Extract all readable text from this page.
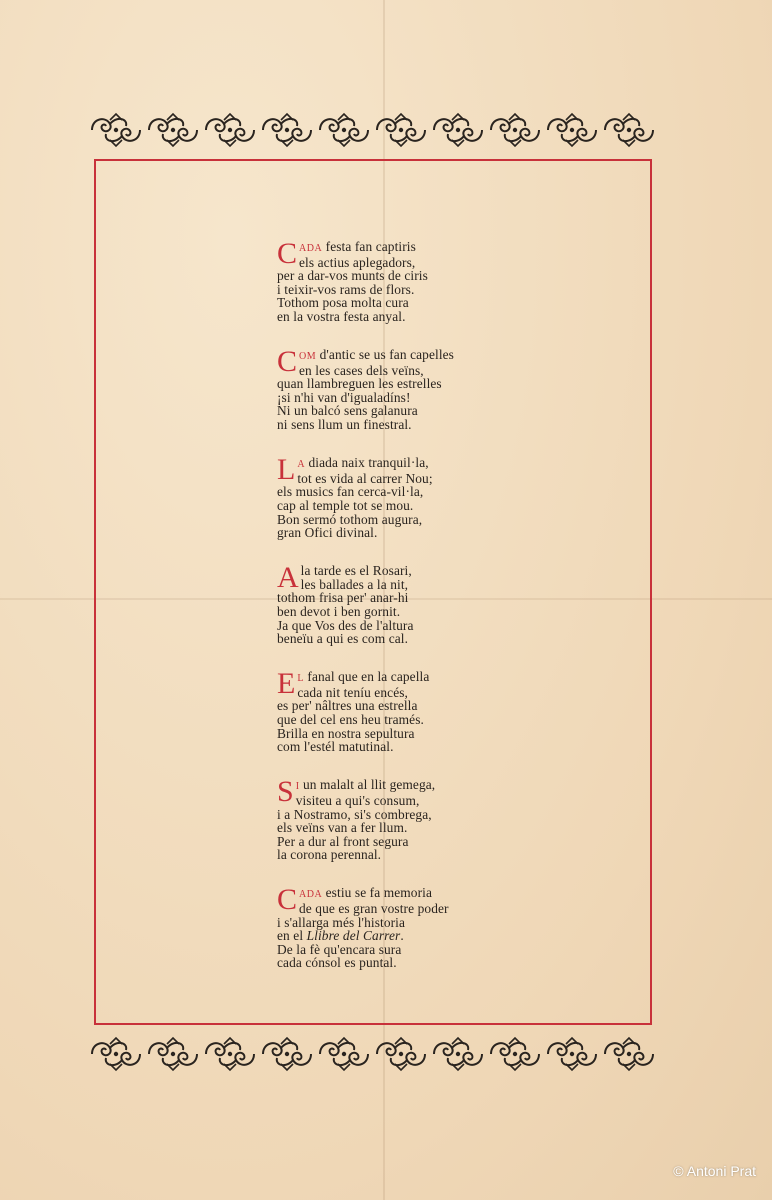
C ADA festa fan captiris
els actius aplegadors,
per a dar-vos munts de ciris
i teixir-vos rams de flors.
Tothom posa molta cura
en la vostra festa anyal.
C OM d'antic se us fan capelles
en les cases dels veïns,
quan llambreguen les estrelles
¡si n'hi van d'igualadíns!
Ni un balcó sens galanura
ni sens llum un finestral.
L A diada naix tranquil·la,
tot es vida al carrer Nou;
els musics fan cerca-vil·la,
cap al temple tot se mou.
Bon sermó tothom augura,
gran Ofici divinal.
A la tarde es el Rosari,
les ballades a la nit,
tothom frisa per' anar-hi
ben devot i ben gornit.
Ja que Vos des de l'altura
beneïu a qui es com cal.
E L fanal que en la capella
cada nit teníu encés,
es per' nâltres una estrella
que del cel ens heu tramés.
Brilla en nostra sepultura
com l'estél matutinal.
S I un malalt al llit gemega,
visiteu a qui's consum,
i a Nostramo, si's combrega,
els veïns van a fer llum.
Per a dur al front segura
la corona perennal.
C ADA estiu se fa memoria
de que es gran vostre poder
i s'allarga més l'historia
en el Llibre del Carrer.
De la fè qu'encara sura
cada cónsol es puntal.
© Antoni Prat
